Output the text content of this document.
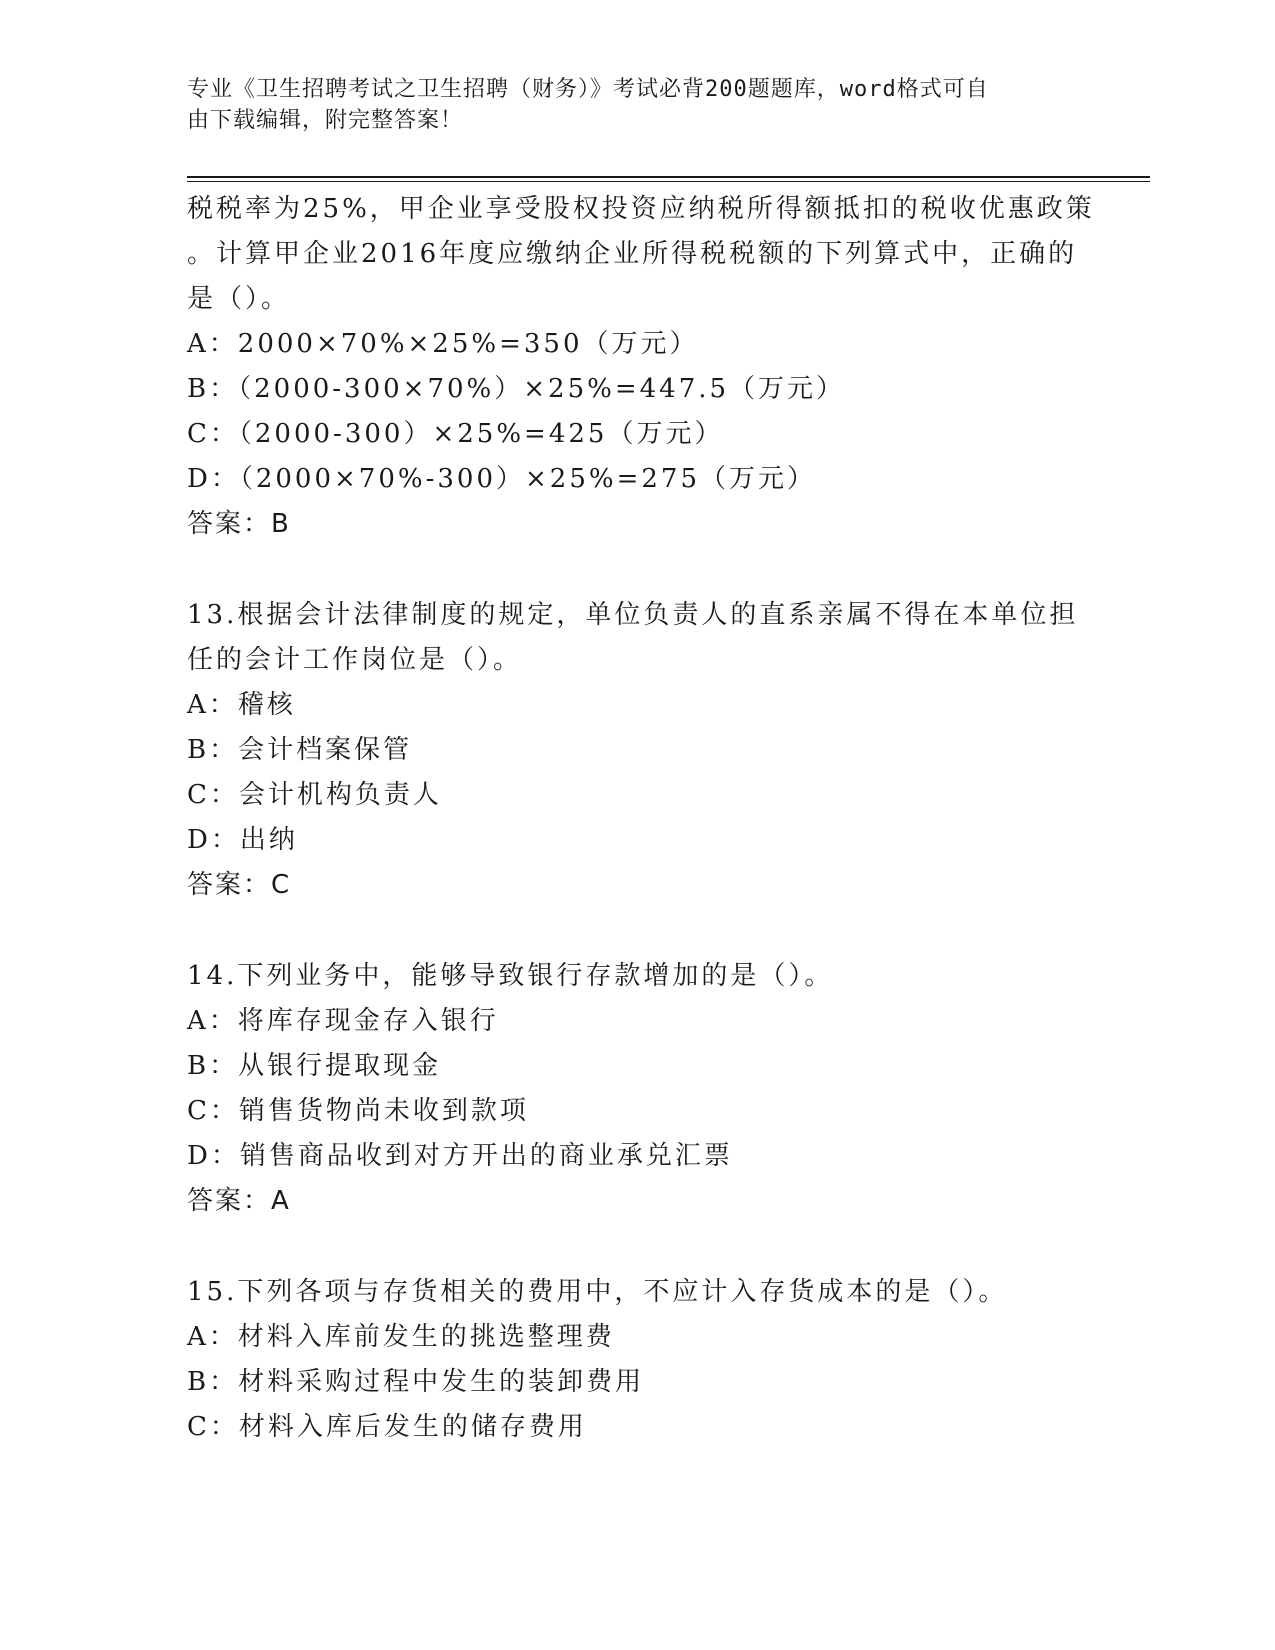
专业《卫生招聘考试之卫生招聘（财务）》考试必背200题题库，word格式可自
由下载编辑，附完整答案！
税税率为25%，甲企业享受股权投资应纳税所得额抵扣的税收优惠政策
。计算甲企业2016年度应缴纳企业所得税税额的下列算式中，正确的
是（）。
A：2000×70%×25%=350（万元）
B：（2000-300×70%）×25%=447.5（万元）
C：（2000-300）×25%=425（万元）
D：（2000×70%-300）×25%=275（万元）
答案：B
13.根据会计法律制度的规定，单位负责人的直系亲属不得在本单位担
任的会计工作岗位是（）。
A：稽核
B：会计档案保管
C：会计机构负责人
D：出纳
答案：C
14.下列业务中，能够导致银行存款增加的是（）。
A：将库存现金存入银行
B：从银行提取现金
C：销售货物尚未收到款项
D：销售商品收到对方开出的商业承兑汇票
答案：A
15.下列各项与存货相关的费用中，不应计入存货成本的是（）。
A：材料入库前发生的挑选整理费
B：材料采购过程中发生的装卸费用
C：材料入库后发生的储存费用
